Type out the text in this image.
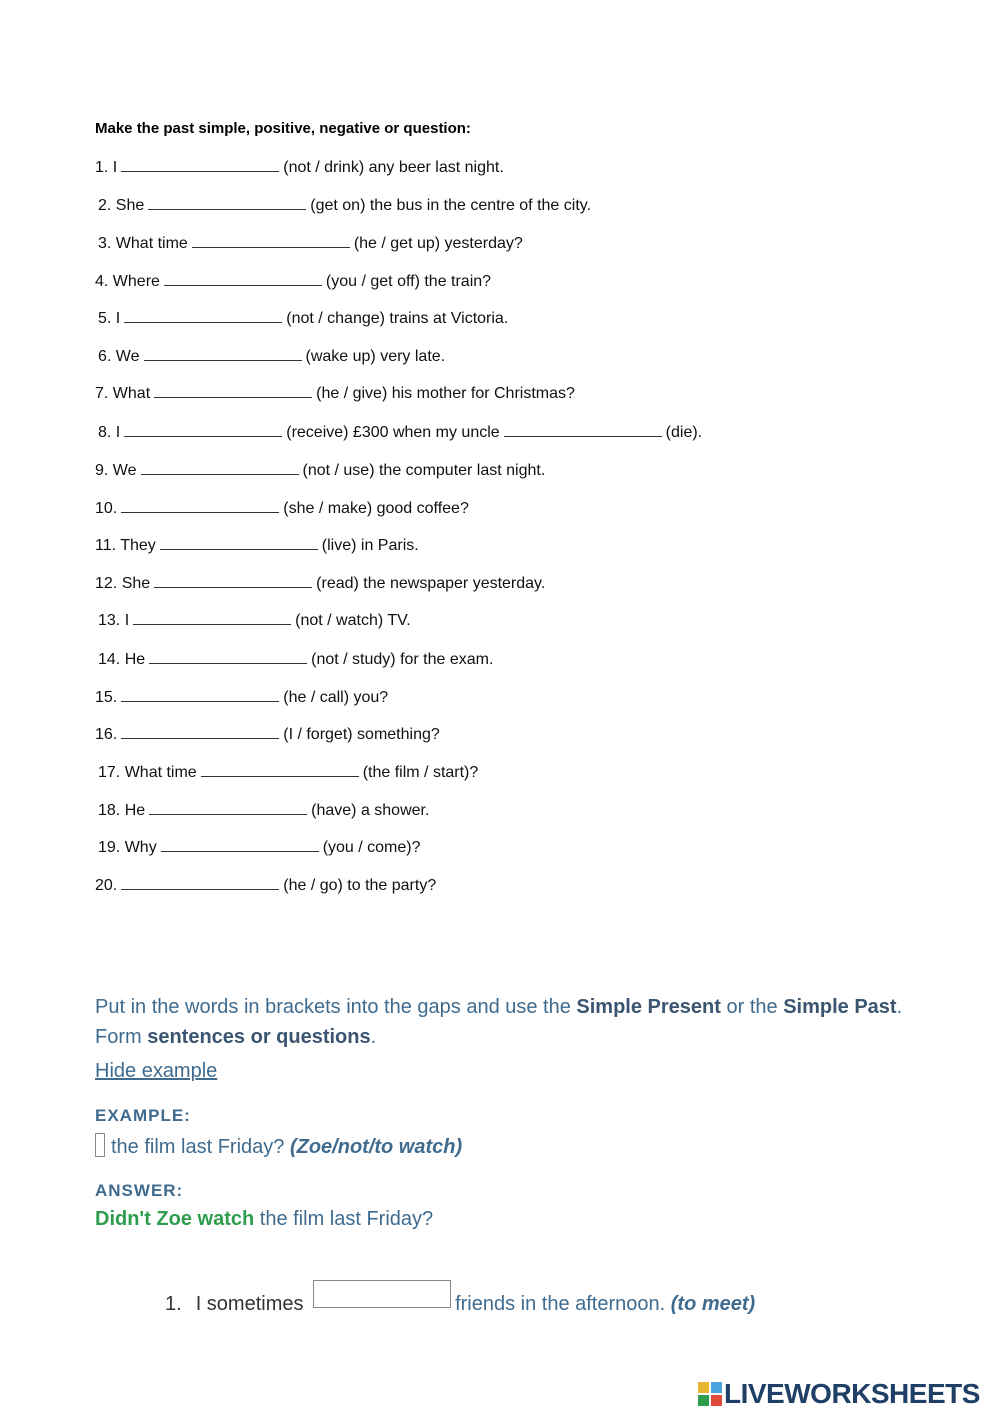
Make the past simple, positive, negative or question:
1. I	(not / drink) any beer last night.
2. She	(get on) the bus in the centre of the city.
3. What time	(he / get up) yesterday?
4. Where	(you / get off) the train?
5. I	(not / change) trains at Victoria.
6. We	(wake up) very late.
7. What	(he / give) his mother for Christmas?
8. I	(receive) £300 when my uncle	(die).
9. We	(not / use) the computer last night.
10.	(she / make) good coffee?
11. They	(live) in Paris.
12. She	(read) the newspaper yesterday.
13. I	(not / watch) TV.
14. He	(not / study) for the exam.
15.	(he / call) you?
16.	(I / forget) something?
17. What time	(the film / start)?
18. He	(have) a shower.
19. Why	(you / come)?
20.	(he / go) to the party?
Put in the words in brackets into the gaps and use the Simple Present or the Simple Past. Form sentences or questions.
Hide example
EXAMPLE:
the film last Friday? (Zoe/not/to watch)
ANSWER:
Didn't Zoe watch the film last Friday?
1. I sometimes	friends in the afternoon. (to meet)
LIVEWORKSHEETS
